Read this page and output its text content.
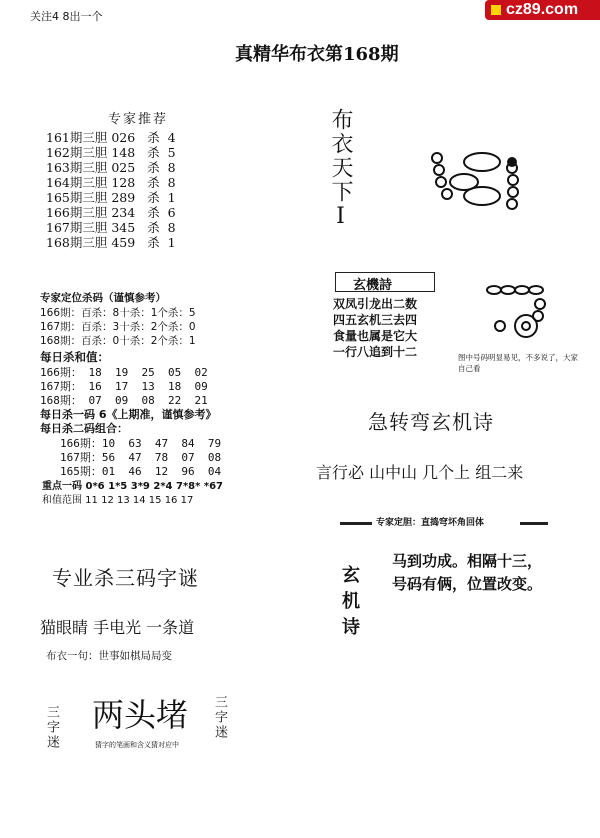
关注4 8出一个	cz89.com
真精华布衣第168期
专家推荐
161期三胆 026 杀 4
162期三胆 148 杀 5
163期三胆 025 杀 8
164期三胆 128 杀 8
165期三胆 289 杀 1
166期三胆 234 杀 6
167期三胆 345 杀 8
168期三胆 459 杀 1
专家定位杀码（谨慎参考）
166期：百杀：8十杀：1个杀：5
167期：百杀：3十杀：2个杀：0
168期：百杀：0十杀：2个杀：1
每日杀和值：
166期： 18  19  25  05  02
167期： 16  17  13  18  09
168期： 07  09  08  22  21
每日杀一码 6《上期准，谨慎参考》
每日杀二码组合：
166期：10  63  47  84  79
167期：56  47  78  07  08
165期：01  46  12  96  04
重点一码 0*6 1*5 3*9 2*4 7*8* *67
和值范围 11 12 13 14 15 16 17
专业杀三码字谜
猫眼睛 手电光 一条道
布衣一句：世事如棋局局变
三字迷 两头堵 三字迷
猜字的笔画和含义猜对应中
布衣天下Ⅰ
玄機詩
双凤引龙出二数
四五玄机三去四
食量也属是它大
一行八追到十二	图中号码明显易见，不多说了，大家自己看
急转弯玄机诗
言行必 山中山 几个上 组二来
专家定胆：直捣穹坏角回体
玄机诗
马到功成。相隔十三，
号码有俩，位置改变。
